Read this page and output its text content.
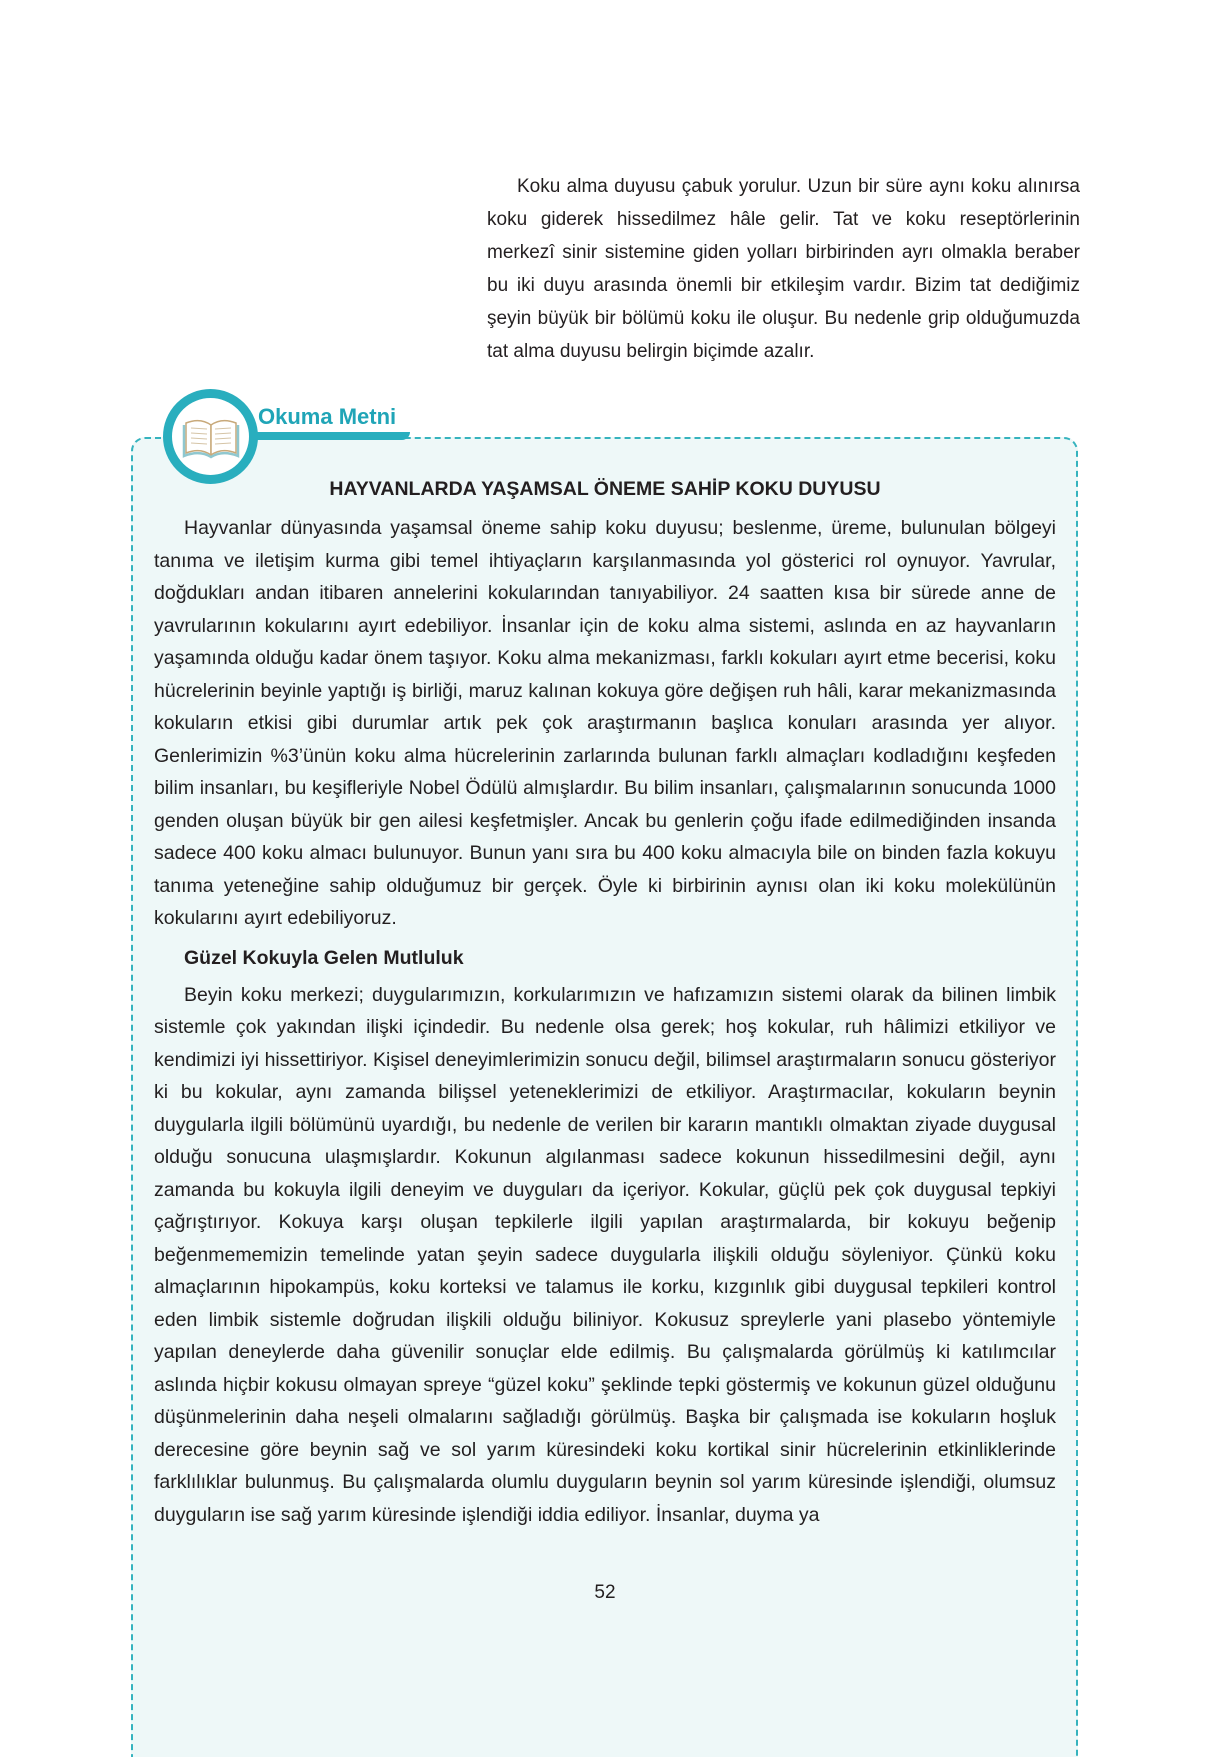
Koku alma duyusu çabuk yorulur. Uzun bir süre aynı koku alınırsa koku giderek hissedilmez hâle gelir. Tat ve koku reseptörlerinin merkezî sinir sistemine giden yolları birbirinden ayrı olmakla beraber bu iki duyu arasında önemli bir etkileşim vardır. Bizim tat dediğimiz şeyin büyük bir bölümü koku ile oluşur. Bu nedenle grip olduğumuzda tat alma duyusu belirgin biçimde azalır.

Okuma Metni

HAYVANLARDA YAŞAMSAL ÖNEME SAHİP KOKU DUYUSU

Hayvanlar dünyasında yaşamsal öneme sahip koku duyusu; beslenme, üreme, bulunulan bölgeyi tanıma ve iletişim kurma gibi temel ihtiyaçların karşılanmasında yol gösterici rol oynuyor. Yavrular, doğdukları andan itibaren annelerini kokularından tanıyabiliyor. 24 saatten kısa bir sürede anne de yavrularının kokularını ayırt edebiliyor. İnsanlar için de koku alma sistemi, aslında en az hayvanların yaşamında olduğu kadar önem taşıyor. Koku alma mekanizması, farklı kokuları ayırt etme becerisi, koku hücrelerinin beyinle yaptığı iş birliği, maruz kalınan kokuya göre değişen ruh hâli, karar mekanizmasında kokuların etkisi gibi durumlar artık pek çok araştırmanın başlıca konuları arasında yer alıyor. Genlerimizin %3’ünün koku alma hücrelerinin zarlarında bulunan farklı almaçları kodladığını keşfeden bilim insanları, bu keşifleriyle Nobel Ödülü almışlardır. Bu bilim insanları, çalışmalarının sonucunda 1000 genden oluşan büyük bir gen ailesi keşfetmişler. Ancak bu genlerin çoğu ifade edilmediğinden insanda sadece 400 koku almacı bulunuyor. Bunun yanı sıra bu 400 koku almacıyla bile on binden fazla kokuyu tanıma yeteneğine sahip olduğumuz bir gerçek. Öyle ki birbirinin aynısı olan iki koku molekülünün kokularını ayırt edebiliyoruz.

Güzel Kokuyla Gelen Mutluluk

Beyin koku merkezi; duygularımızın, korkularımızın ve hafızamızın sistemi olarak da bilinen limbik sistemle çok yakından ilişki içindedir. Bu nedenle olsa gerek; hoş kokular, ruh hâlimizi etkiliyor ve kendimizi iyi hissettiriyor. Kişisel deneyimlerimizin sonucu değil, bilimsel araştırmaların sonucu gösteriyor ki bu kokular, aynı zamanda bilişsel yeteneklerimizi de etkiliyor. Araştırmacılar, kokuların beynin duygularla ilgili bölümünü uyardığı, bu nedenle de verilen bir kararın mantıklı olmaktan ziyade duygusal olduğu sonucuna ulaşmışlardır. Kokunun algılanması sadece kokunun hissedilmesini değil, aynı zamanda bu kokuyla ilgili deneyim ve duyguları da içeriyor. Kokular, güçlü pek çok duygusal tepkiyi çağrıştırıyor. Kokuya karşı oluşan tepkilerle ilgili yapılan araştırmalarda, bir kokuyu beğenip beğenmememizin temelinde yatan şeyin sadece duygularla ilişkili olduğu söyleniyor. Çünkü koku almaçlarının hipokampüs, koku korteksi ve talamus ile korku, kızgınlık gibi duygusal tepkileri kontrol eden limbik sistemle doğrudan ilişkili olduğu biliniyor. Kokusuz spreylerle yani plasebo yöntemiyle yapılan deneylerde daha güvenilir sonuçlar elde edilmiş. Bu çalışmalarda görülmüş ki katılımcılar aslında hiçbir kokusu olmayan spreye “güzel koku” şeklinde tepki göstermiş ve kokunun güzel olduğunu düşünmelerinin daha neşeli olmalarını sağladığı görülmüş. Başka bir çalışmada ise kokuların hoşluk derecesine göre beynin sağ ve sol yarım küresindeki koku kortikal sinir hücrelerinin etkinliklerinde farklılıklar bulunmuş. Bu çalışmalarda olumlu duyguların beynin sol yarım küresinde işlendiği, olumsuz duyguların ise sağ yarım küresinde işlendiği iddia ediliyor. İnsanlar, duyma ya

52
